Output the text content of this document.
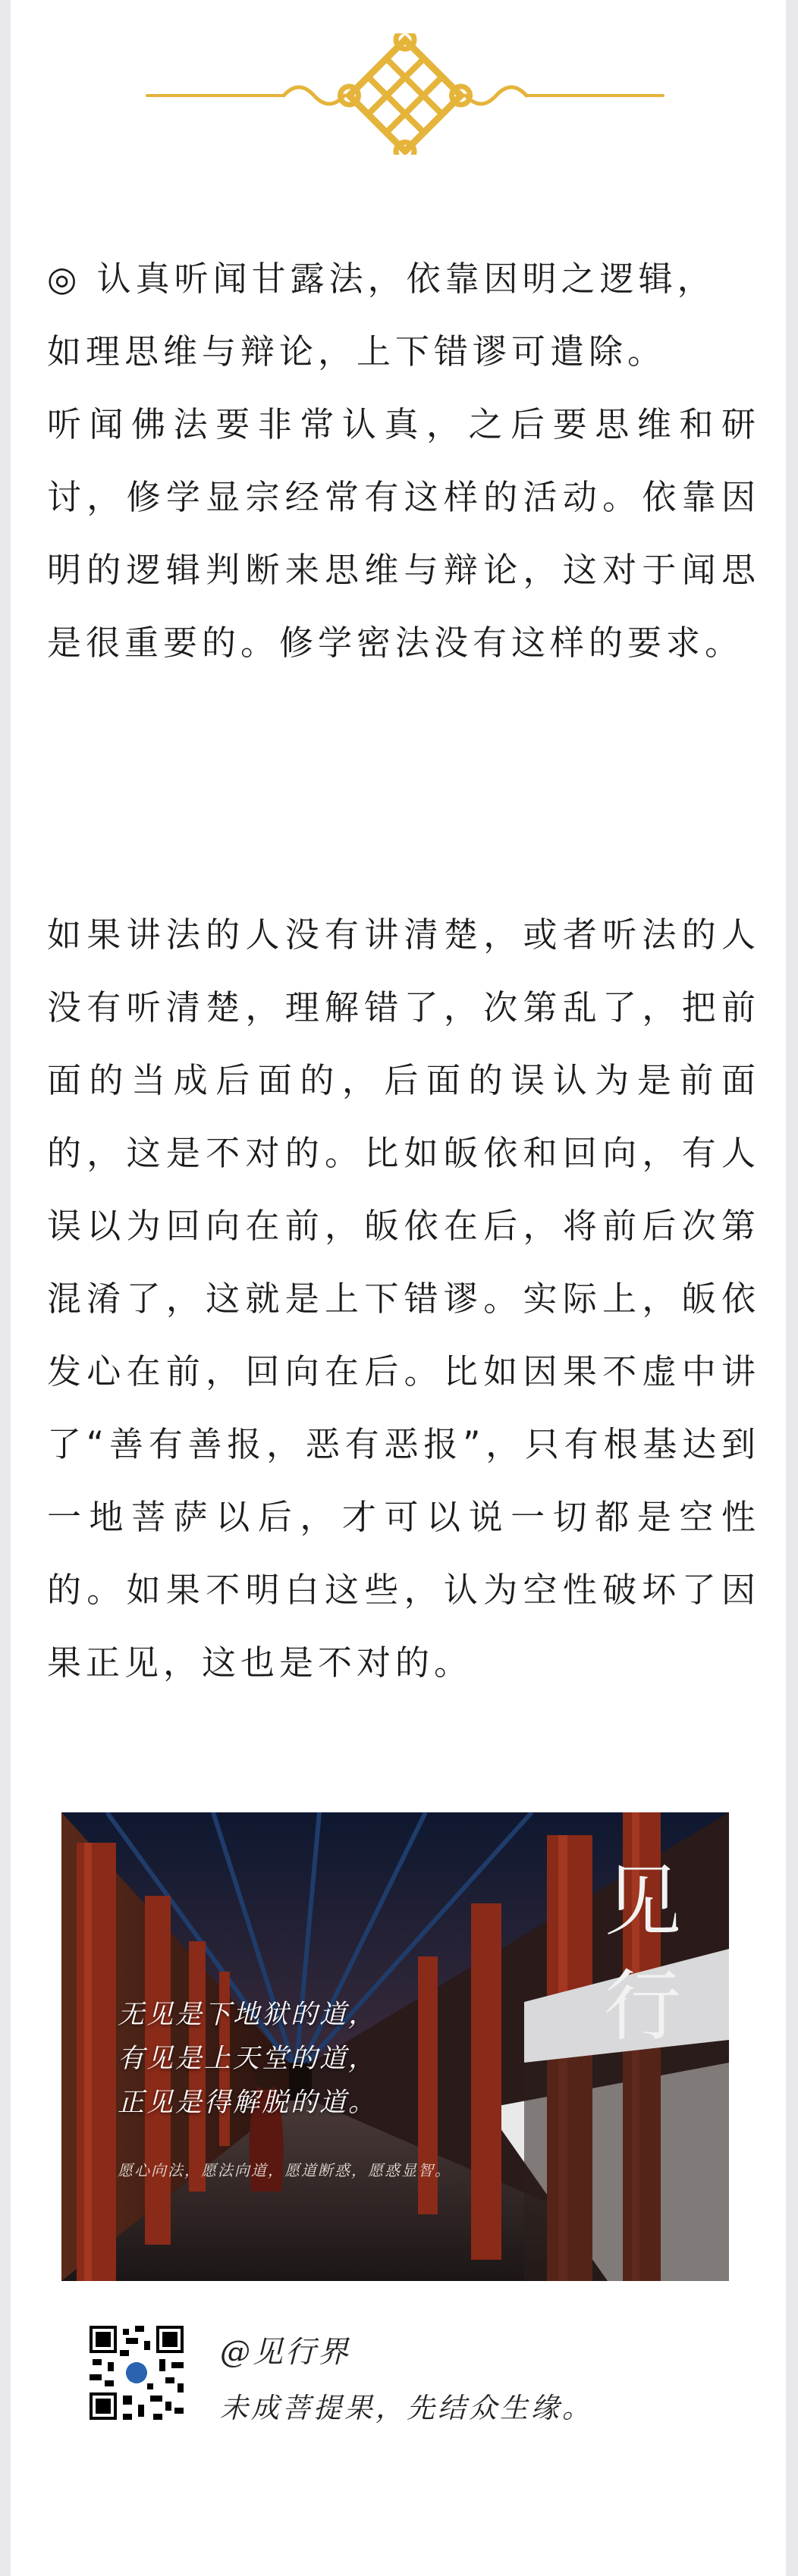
◎ 认真听闻甘露法，依靠因明之逻辑，

如理思维与辩论，上下错谬可遣除。

听闻佛法要非常认真，之后要思维和研讨，修学显宗经常有这样的活动。依靠因明的逻辑判断来思维与辩论，这对于闻思是很重要的。修学密法没有这样的要求。

如果讲法的人没有讲清楚，或者听法的人没有听清楚，理解错了，次第乱了，把前面的当成后面的，后面的误认为是前面的，这是不对的。比如皈依和回向，有人误以为回向在前，皈依在后，将前后次第混淆了，这就是上下错谬。实际上，皈依发心在前，回向在后。比如因果不虚中讲了“善有善报，恶有恶报”，只有根基达到一地菩萨以后，才可以说一切都是空性的。如果不明白这些，认为空性破坏了因果正见，这也是不对的。

见
行
无见是下地狱的道，
有见是上天堂的道，
正见是得解脱的道。
愿心向法，愿法向道，愿道断惑，愿惑显智。
@见行界
未成菩提果，先结众生缘。
